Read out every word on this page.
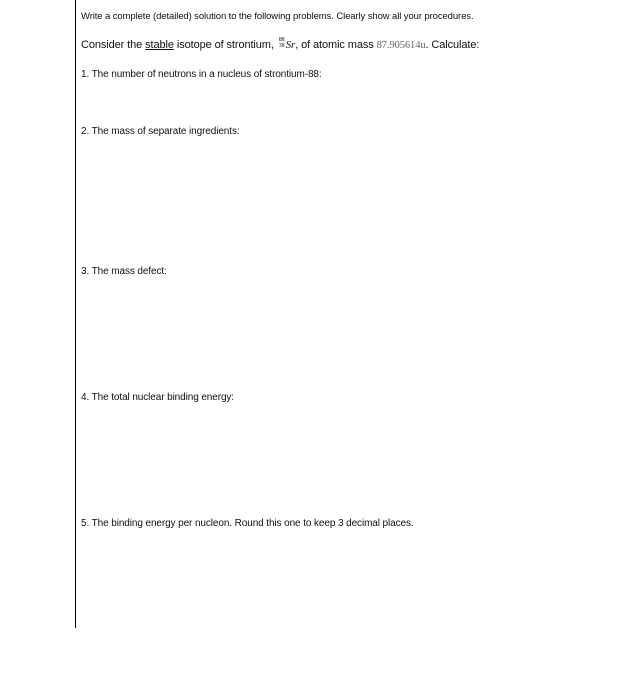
Write a complete (detailed) solution to the following problems. Clearly show all your procedures.
Consider the stable isotope of strontium, 88
38 Sr, of atomic mass 87.905614u. Calculate:
1. The number of neutrons in a nucleus of strontium-88:
2. The mass of separate ingredients:
3. The mass defect:
4. The total nuclear binding energy:
5. The binding energy per nucleon. Round this one to keep 3 decimal places.
